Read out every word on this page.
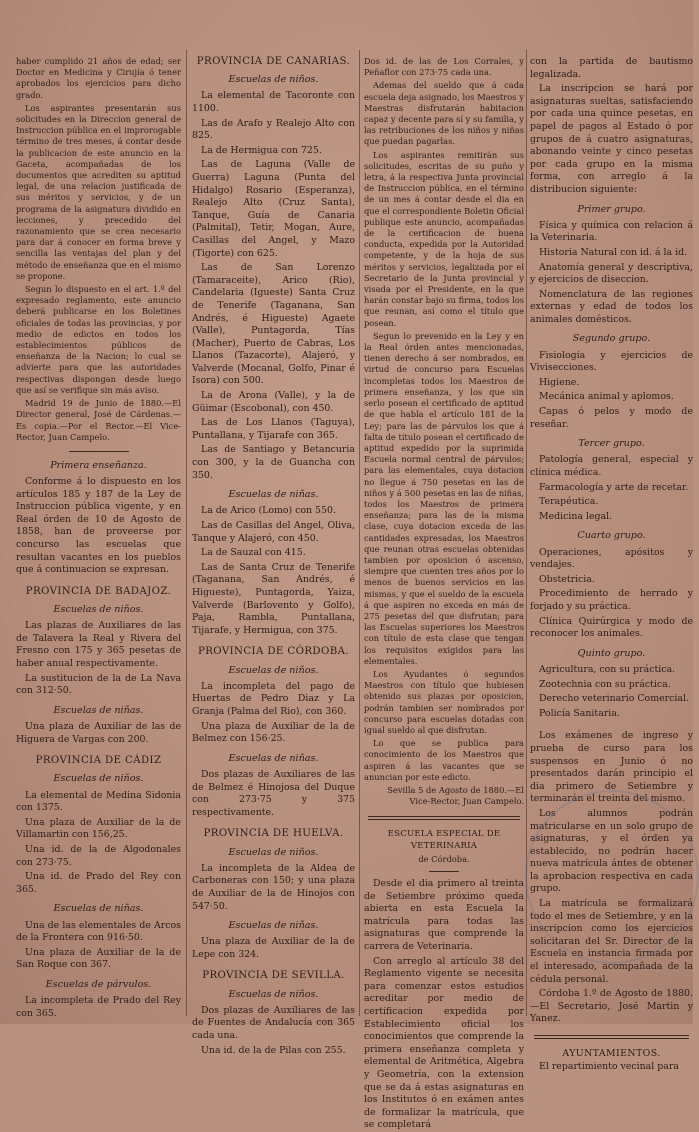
haber cumplido 21 años de edad; ser Doctor en Medicina y Cirujía ó tener aprobados los ejercicios para dicho grado.

Los aspirantes presentarán sus solicitudes en la Direccion general de Instruccion pública en el improrogable término de tres meses, á contar desde la publicacion de este anuncio en la Gaceta, acompañadas de los documentos que acrediten su aptitud legal, de una relacion justificada de sus méritos y servicios, y de un programa de la asignatura dividido en lecciones, y precedido del razonamiento que se crea necesario para dar á conocer en forma breve y sencilla las ventajas del plan y del método de enseñanza que en el mismo se propone.

Segun lo dispuesto en el art. 1.º del expresado reglamento, este anuncio deberá publicarse en los Boletines oficiales de todas las provincias, y por medio de edictos en todos los establecimientos públicos de enseñanza de la Nacion; lo cual se advierte para que las autoridades respectivas dispongan desde luego que así se verifique sin más aviso.

Madrid 19 de Junio de 1880.—El Director general, José de Cárdenas.—Es copia.—Por el Rector.—El Vice-Rector, Juan Campelo.

Primera enseñanza.

Conforme á lo dispuesto en los artículos 185 y 187 de la Ley de Instruccion pública vigente, y en Real órden de 10 de Agosto de 1858, han de proveerse por concurso las escuelas que resultan vacantes en los pueblos que á continuacion se expresan.

PROVINCIA DE BADAJOZ.

Escuelas de niños.

Las plazas de Auxiliares de las de Talavera la Real y Rivera del Fresno con 175 y 365 pesetas de haber anual respectivamente.

La sustitucion de la de La Nava con 312·50.

Escuelas de niñas.

Una plaza de Auxiliar de las de Higuera de Vargas con 200.

PROVINCIA DE CÁDIZ

Escuelas de niños.

La elemental de Medina Sidonia con 1375.

Una plaza de Auxiliar de la de Villamartin con 156,25.

Una id. de la de Algodonales con 273·75.

Una id. de Prado del Rey con 365.

Escuelas de niñas.

Una de las elementales de Arcos de la Frontera con 916·50.

Una plaza de Auxiliar de la de San Roque con 367.

Escuelas de párvulos.

La incompleta de Prado del Rey con 365.

PROVINCIA DE CANARIAS.

Escuelas de niños.

La elemental de Tacoronte con 1100.

Las de Arafo y Realejo Alto con 825.

La de Hermigua con 725.

Las de Laguna (Valle de Guerra) Laguna (Punta del Hidalgo) Rosario (Esperanza), Realejo Alto (Cruz Santa), Tanque, Guía de Canaria (Palmital), Tetir, Mogan, Aure, Casillas del Angel, y Mazo (Tigorte) con 625.

Las de San Lorenzo (Tamaraceite), Arico (Rio), Candelaria (Igueste) Santa Cruz de Tenerife (Taganana, San Andrés, é Higueste) Agaete (Valle), Puntagorda, Tías (Macher), Puerto de Cabras, Los Llanos (Tazacorte), Alajeró, y Valverde (Mocanal, Golfo, Pinar é Isora) con 500.

La de Arona (Valle), y la de Güimar (Escobonal), con 450.

Las de Los Llanos (Taguya), Puntallana, y Tijarafe con 365.

Las de Santiago y Betancuria con 300, y la de Guancha con 350.

Escuelas de niñas.

La de Arico (Lomo) con 550.

Las de Casillas del Angel, Oliva, Tanque y Alajeró, con 450.

La de Sauzal con 415.

Las de Santa Cruz de Tenerife (Taganana, San Andrés, é Higueste), Puntagorda, Yaiza, Valverde (Barlovento y Golfo), Paja, Rambla, Puntallana, Tijarafe, y Hermigua, con 375.

PROVINCIA DE CÓRDOBA.

Escuelas de niños.

La incompleta del pago de Huertas de Pedro Diaz y La Granja (Palma del Rio), con 360.

Una plaza de Auxiliar de la de Belmez con 156·25.

Escuelas de niñas.

Dos plazas de Auxiliares de las de Belmez é Hinojosa del Duque con 273·75 y 375 respectivamente.

PROVINCIA DE HUELVA.

Escuelas de niños.

La incompleta de la Aldea de Carboneras con 150; y una plaza de Auxiliar de la de Hinojos con 547·50.

Escuelas de niñas.

Una plaza de Auxiliar de la de Lepe con 324.

PROVINCIA DE SEVILLA.

Escuelas de niños.

Dos plazas de Auxiliares de las de Fuentes de Andalucía con 365 cada una.

Una id. de la de Pilas con 255.

Dos id. de las de Los Corrales, y Peñaflor con 273·75 cada una.

Ademas del sueldo que á cada escuela deja asignado, los Maestros y Maestras disfrutarán habitacion capaz y decente para sí y su familia, y las retribuciones de los niños y niñas que puedan pagarlas.

Los aspirantes remitirán sus solicitudes, escritas de su puño y letra, á la respectiva Junta provincial de Instruccion pública, en el término de un mes á contar desde el dia en que el correspondiente Boletin Oficial publique este anuncio, acompañadas de la certificacion de buena conducta, expedida por la Autoridad competente, y de la hoja de sus méritos y servicios, legalizada por el Secretario de la Junta provincial y visada por el Presidente, en la que harán constar bajo su firma, todos los que reunan, así como el título que posean.

Segun lo prevenido en la Ley y en la Real órden antes mencionadas, tienen derecho á ser nombrados, en virtud de concurso para Escuelas incompletas todos los Maestros de primera enseñanza, y los que sin serlo posean el certificado de aptitud de que habla el artículo 181 de la Ley; para las de párvulos los que á falta de título posean el certificado de aptitud expedido por la suprimida Escuela normal central de párvulos; para las elementales, cuya dotacion no llegue á 750 pesetas en las de niños y á 500 pesetas en las de niñas, todos los Maestros de primera enseñanza; para las de la misma clase, cuya dotacion exceda de las cantidades expresadas, los Maestros que reunan otras escuelas obtenidas tambien por oposicion ó ascenso, siempre que cuenten tres años por lo menos de buenos servicios en las mismas, y que el sueldo de la escuela á que aspiren no exceda en más de 275 pesetas del que disfrutan; para las Escuelas superiores los Maestros con título de esta clase que tengan los requisitos exigidos para las elementales.

Los Ayudantes ó segundos Maestros con título que hubiesen obtenido sus plazas por oposicion, podrán tambien ser nombrados por concurso para escuelas dotadas con igual sueldo al que disfrutan.

Lo que se publica para conocimiento de los Maestros que aspiren á las vacantes que se anuncian por este edicto.

Sevilla 5 de Agosto de 1880.—El Vice-Rector, Juan Campelo.

ESCUELA ESPECIAL DE VETERINARIA

de Córdoba.

Desde el dia primero al treinta de Setiembre próximo queda abierta en esta Escuela la matrícula para todas las asignaturas que comprende la carrera de Veterinaria.

Con arreglo al artículo 38 del Reglamento vigente se necesita para comenzar estos estudios acreditar por medio de certificacion expedida por Establecimiento oficial los conocimientos que comprende la primera enseñanza completa y elemental de Aritmética, Algebra y Geometría, con la extension que se da á estas asignaturas en los Institutos ó en exámen antes de formalizar la matrícula, que se completará

con la partida de bautismo legalizada.

La inscripcion se hará por asignaturas sueltas, satisfaciendo por cada una quince pesetas, en papel de pagos al Estado ó por grupos de á cuatro asignaturas, abonando veinte y cinco pesetas por cada grupo en la misma forma, con arreglo á la distribucion siguiente:

Primer grupo.

Física y química con relacion á la Veterinaria.

Historia Natural con id. á la id.

Anatomía general y descriptiva, y ejercicios de diseccion.

Nomenclatura de las regiones externas y edad de todos los animales domésticos.

Segundo grupo.

Fisiología y ejercicios de Vivisecciones.

Higiene.

Mecánica animal y aplomos.

Capas ó pelos y modo de reseñar.

Tercer grupo.

Patología general, especial y clínica médica.

Farmacología y arte de recetar.

Terapéutica.

Medicina legal.

Cuarto grupo.

Operaciones, apósitos y vendajes.

Obstetricia.

Procedimiento de herrado y forjado y su práctica.

Clínica Quirúrgica y modo de reconocer los animales.

Quinto grupo.

Agricultura, con su práctica.

Zootechnia con su práctica.

Derecho veterinario Comercial.

Policía Sanitaria.

Los exámenes de ingreso y prueba de curso para los suspensos en Junio ó no presentados darán principio el dia primero de Setiembre y terminarán el treinta del mismo.

Los alumnos podrán matricularse en un solo grupo de asignaturas, y el órden ya establecido, no podrán hacer nueva matrícula ántes de obtener la aprobacion respectiva en cada grupo.

La matrícula se formalizará todo el mes de Setiembre, y en la inscripcion como los ejercicios solicitaran del Sr. Director de la Escuela en instancia firmada por el interesado, acompañada de la cédula personal.

Córdoba 1.º de Agosto de 1880.—El Secretario, José Martin y Yanez.

AYUNTAMIENTOS.

El repartimiento vecinal para
